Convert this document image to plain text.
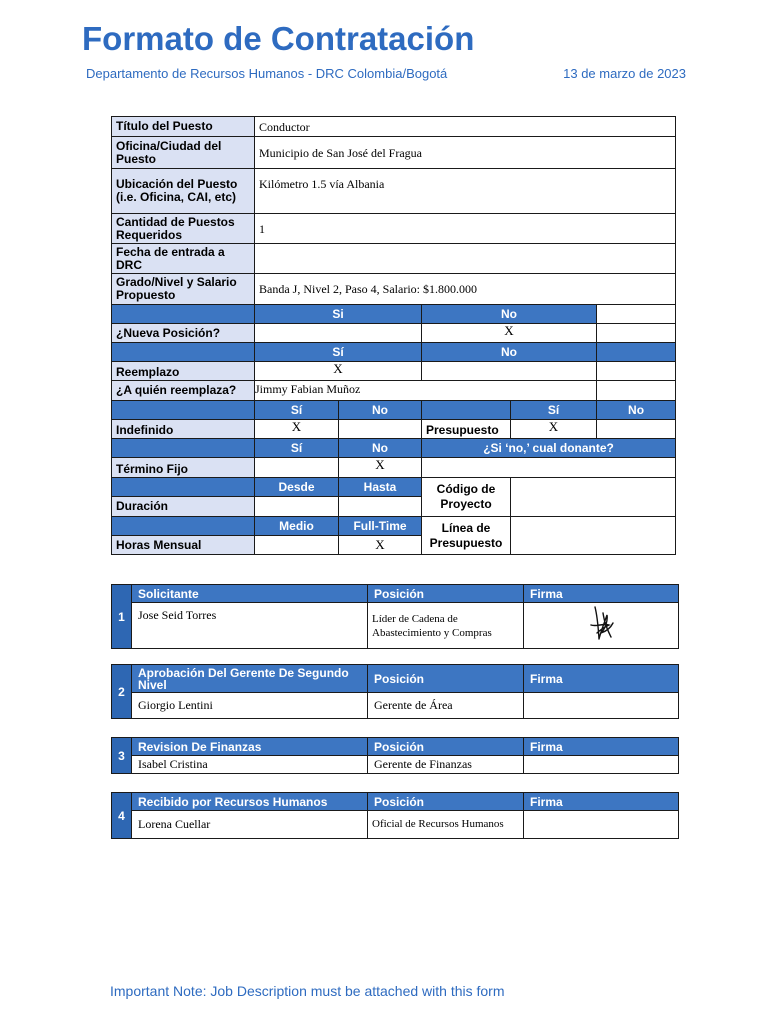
Formato de Contratación
Departamento de Recursos Humanos - DRC Colombia/Bogotá	13 de marzo de 2023
Título del Puesto	Conductor				
Oficina/Ciudad del Puesto	Municipio de San José del Fragua				
Ubicación del Puesto (i.e. Oficina, CAI, etc)	Kilómetro 1.5 vía Albania				
Cantidad de Puestos Requeridos	1				
Fecha de entrada a DRC					
Grado/Nivel y Salario Propuesto	Banda J, Nivel 2, Paso 4, Salario: $1.800.000				
	Si		No		
¿Nueva Posición?			X		
	Sí		No		
Reemplazo	X				
¿A quién reemplaza?	Jimmy Fabian Muñoz				
	Sí	No		Sí	No
Indefinido	X		Presupuesto	X	
	Sí	No	¿Si ‘no,’ cual donante?		
Término Fijo		X			
	Desde	Hasta	Código de Proyecto		
Duración					
	Medio	Full-Time	Línea de Presupuesto		
Horas Mensual		X			
1	Solicitante	Posición	Firma
	Jose Seid Torres	Líder de Cadena de Abastecimiento y Compras	
2	Aprobación Del Gerente De Segundo Nivel	Posición	Firma
	Giorgio Lentini	Gerente de Área	
3	Revision De Finanzas	Posición	Firma
	Isabel Cristina	Gerente de Finanzas	
4	Recibido por Recursos Humanos	Posición	Firma
	Lorena Cuellar	Oficial de Recursos Humanos	
Important Note: Job Description must be attached with this form
